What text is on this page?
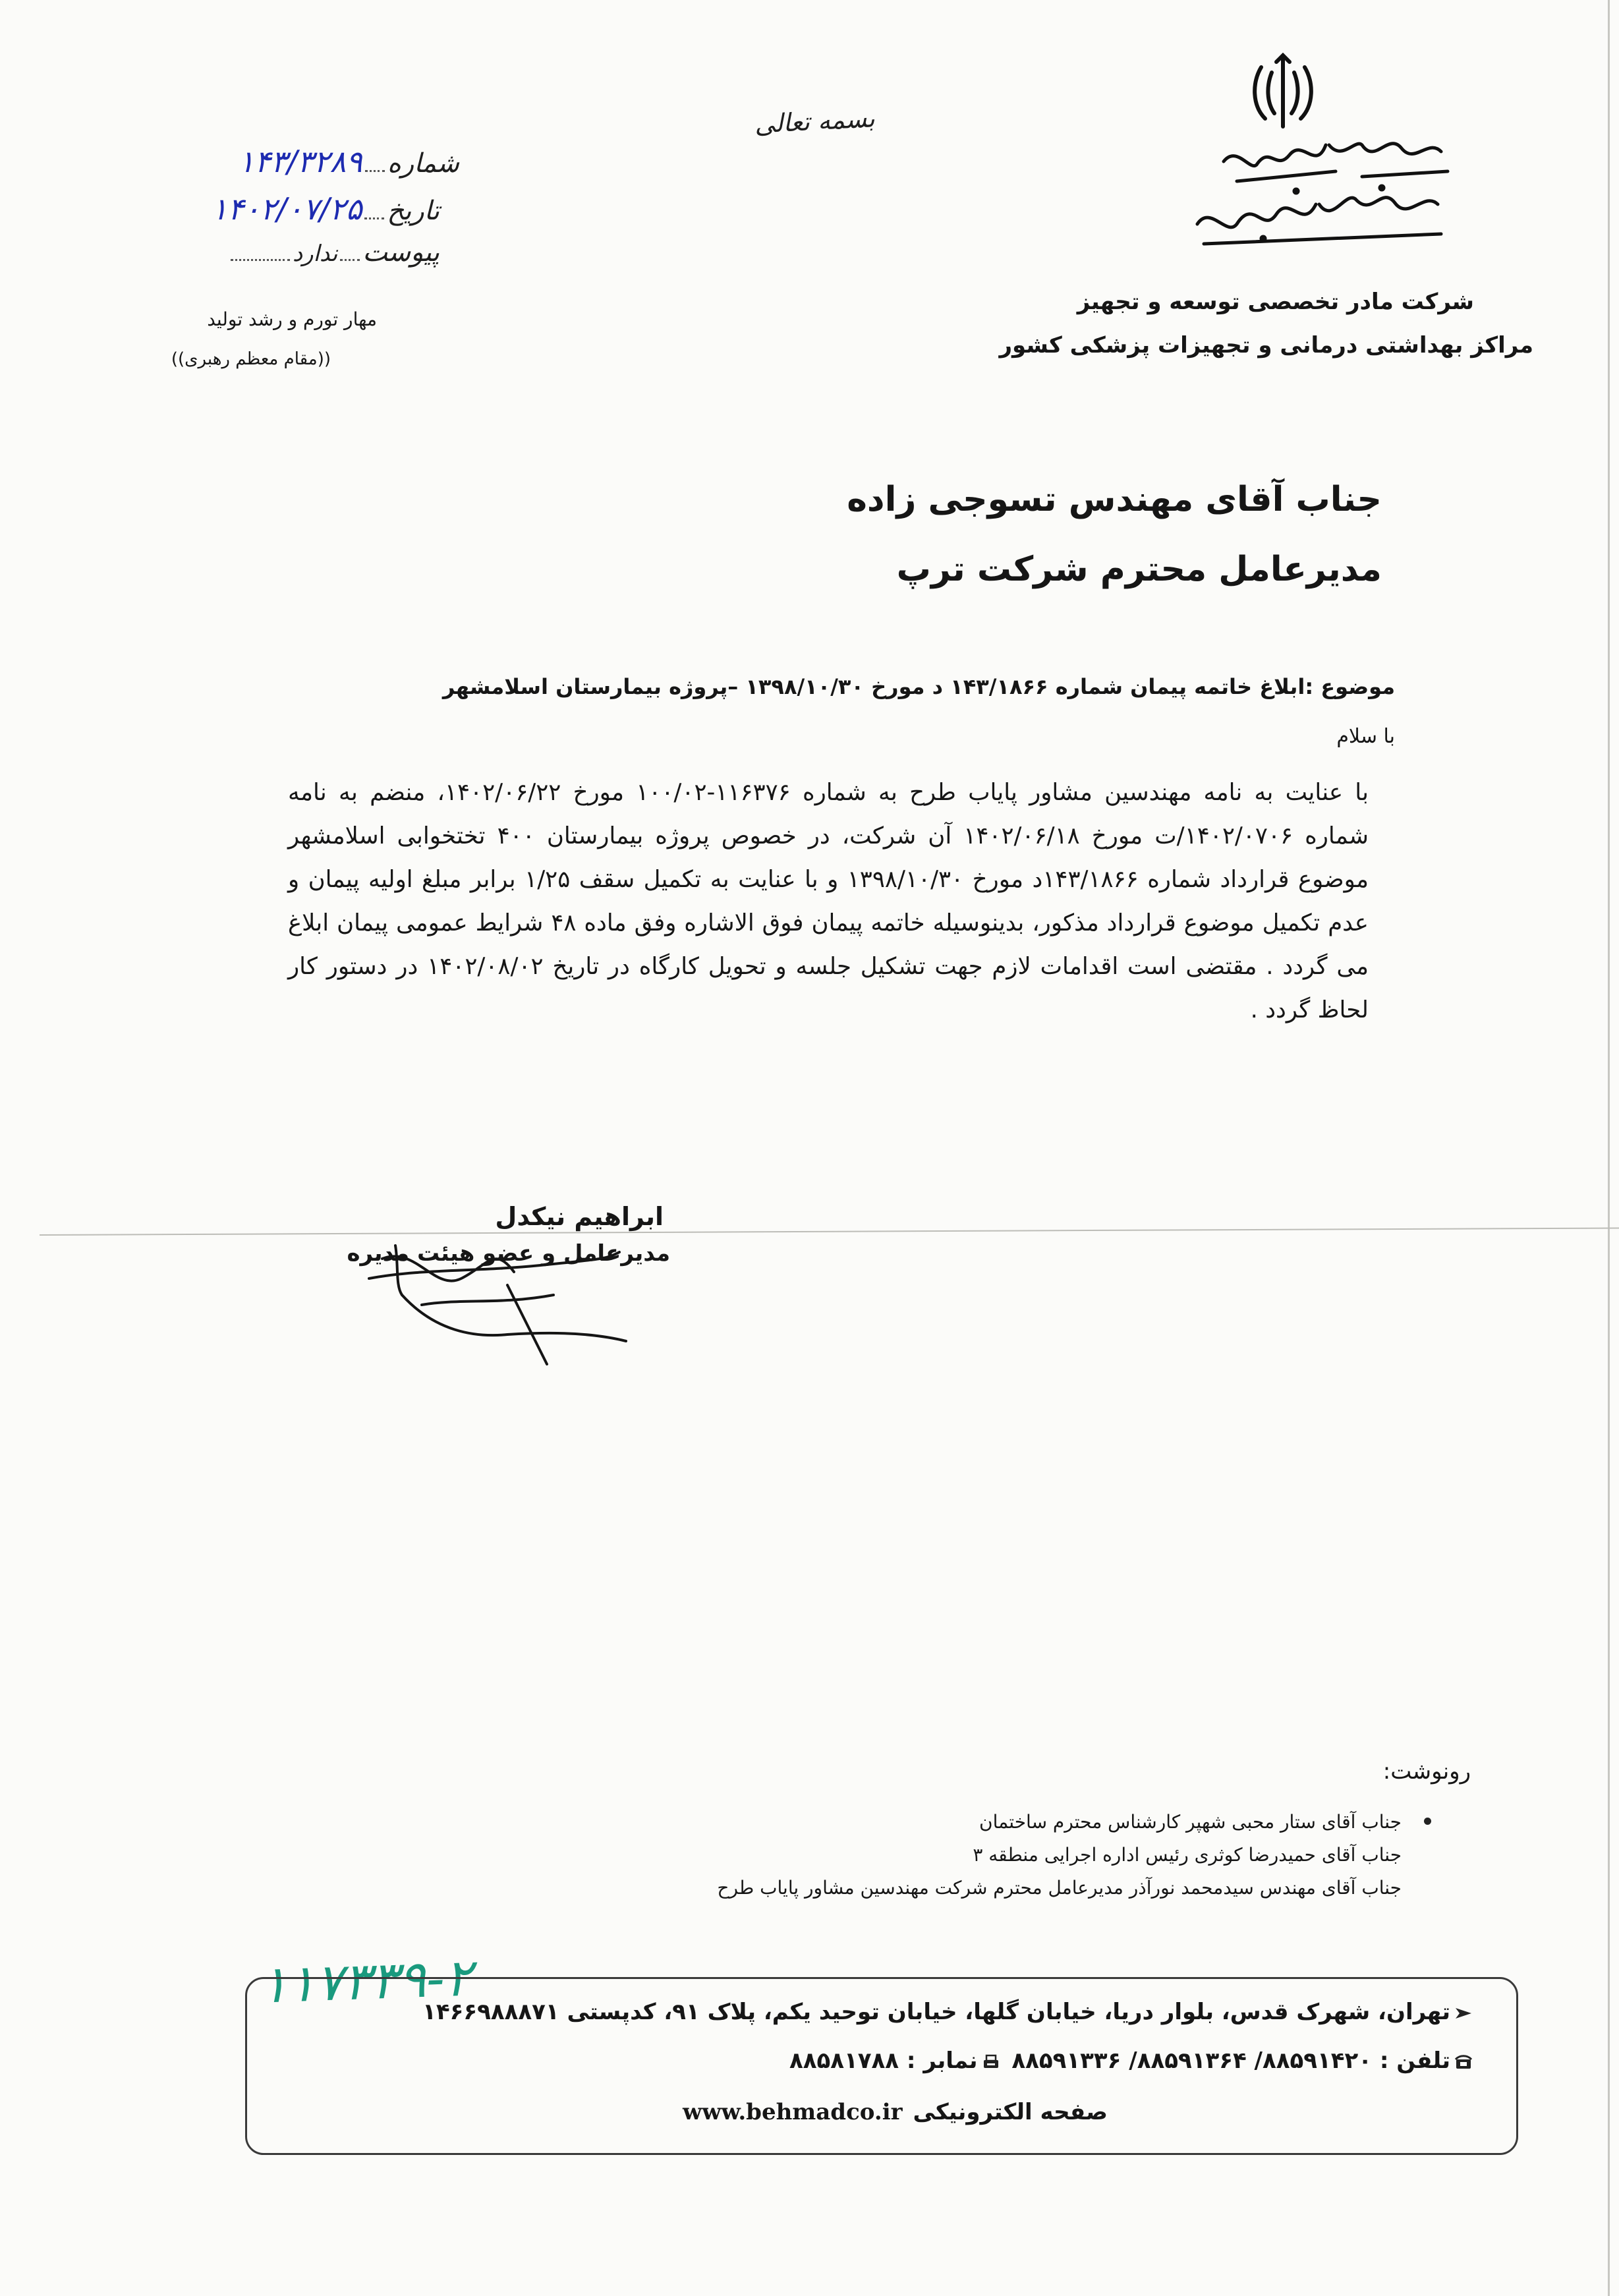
شرکت مادر تخصصی توسعه و تجهیز
مراکز بهداشتی درمانی و تجهیزات پزشکی کشور
بسمه تعالی
شماره۱۴۳/۳۲۸۹
تاریخ۱۴۰۲/۰۷/۲۵
پیوستندارد
مهار تورم و رشد تولید
((مقام معظم رهبری))
جناب آقای مهندس تسوجی زاده
مدیرعامل محترم شرکت ترپ
موضوع :ابلاغ خاتمه پیمان شماره ۱۴۳/۱۸۶۶ د مورخ ۱۳۹۸/۱۰/۳۰ –پروژه بیمارستان اسلامشهر
با سلام
با عنایت به نامه مهندسین مشاور پایاب طرح به شماره ۱۱۶۳۷۶-۱۰۰/۰۲ مورخ ۱۴۰۲/۰۶/۲۲، منضم به نامه شماره ۱۴۰۲/۰۷۰۶/ت مورخ ۱۴۰۲/۰۶/۱۸ آن شرکت، در خصوص پروژه بیمارستان ۴۰۰ تختخوابی اسلامشهر موضوع قرارداد شماره ۱۴۳/۱۸۶۶د مورخ ۱۳۹۸/۱۰/۳۰ و با عنایت به تکمیل سقف ۱/۲۵ برابر مبلغ اولیه پیمان و عدم تکمیل موضوع قرارداد مذکور، بدینوسیله خاتمه پیمان فوق الاشاره وفق ماده ۴۸ شرایط عمومی پیمان ابلاغ می گردد . مقتضی است اقدامات لازم جهت تشکیل جلسه و تحویل کارگاه در تاریخ ۱۴۰۲/۰۸/۰۲ در دستور کار لحاظ گردد .
ابراهیم نیکدل
مدیرعامل و عضو هیئت مدیره
رونوشت:
جناب آقای ستار محبی شهپر کارشناس محترم ساختمان
جناب آقای حمیدرضا کوثری رئیس اداره اجرایی منطقه ۳
جناب آقای مهندس سیدمحمد نورآذر مدیرعامل محترم شرکت مهندسین مشاور پایاب طرح
۱۱۷۳۳۹-۲
تهران، شهرک قدس، بلوار دریا، خیابان گلها، خیابان توحید یکم، پلاک ۹۱، کدپستی ۱۴۶۶۹۸۸۸۷۱
تلفن : ۸۸۵۹۱۴۲۰/ ۸۸۵۹۱۳۶۴/ ۸۸۵۹۱۳۳۶ نمابر : ۸۸۵۸۱۷۸۸
صفحه الکترونیکیwww.behmadco.ir
